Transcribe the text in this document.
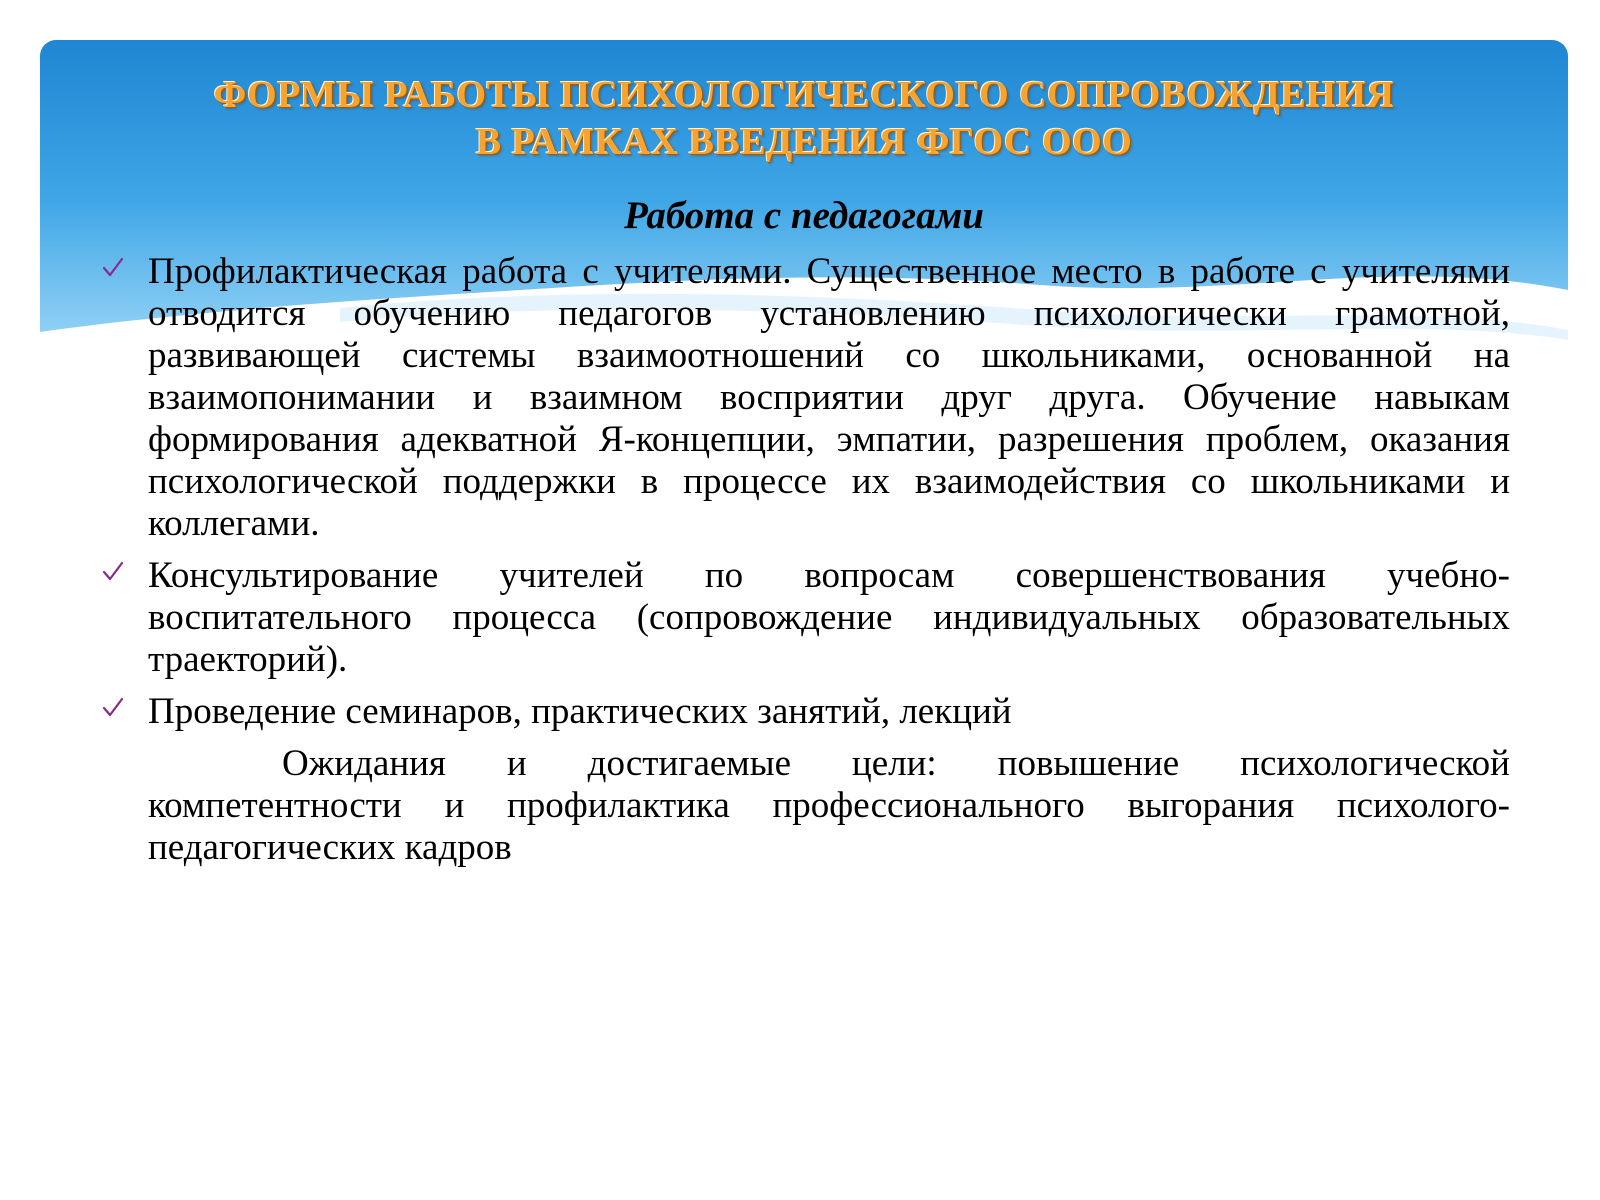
ФОРМЫ РАБОТЫ ПСИХОЛОГИЧЕСКОГО СОПРОВОЖДЕНИЯ
В РАМКАХ ВВЕДЕНИЯ ФГОС ООО
Работа с педагогами
Профилактическая работа с учителями. Существенное место в работе с учителями отводится обучению педагогов установлению психологически грамотной, развивающей системы взаимоотношений со школьниками, основанной на взаимопонимании и взаимном восприятии друг друга. Обучение навыкам формирования адекватной Я-концепции, эмпатии, разрешения проблем, оказания психологической поддержки в процессе их взаимодействия со школьниками и коллегами.
Консультирование учителей по вопросам совершенствования учебно-воспитательного процесса (сопровождение индивидуальных образовательных траекторий).
Проведение семинаров, практических занятий, лекций

Ожидания и достигаемые цели: повышение психологической компетентности и профилактика профессионального выгорания психолого-педагогических кадров
